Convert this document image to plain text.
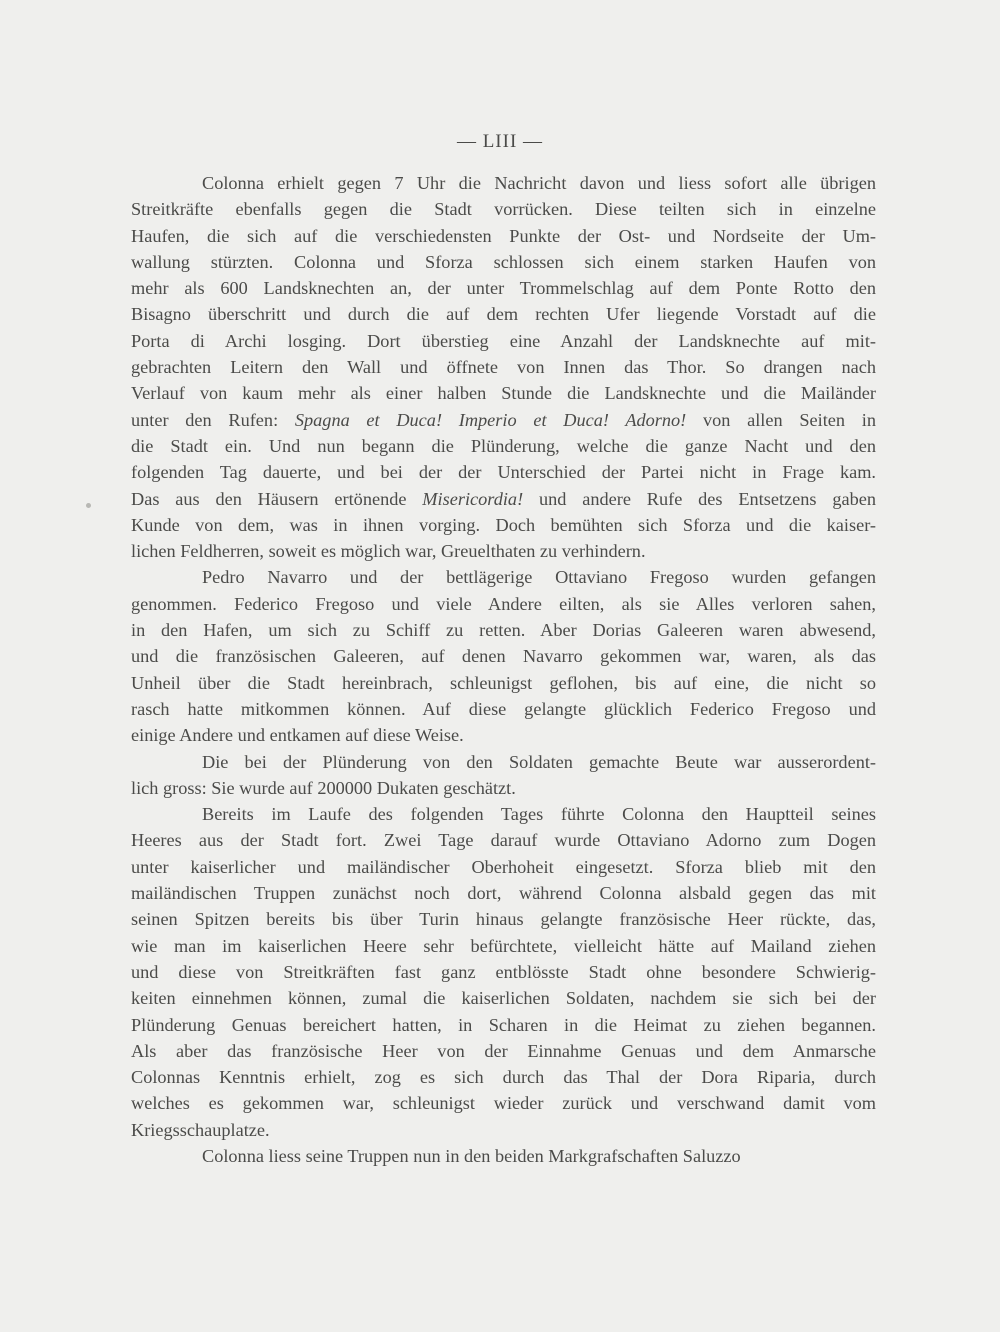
— LIII —
Colonna erhielt gegen 7 Uhr die Nachricht davon und liess sofort alle übrigen
Streitkräfte ebenfalls gegen die Stadt vorrücken. Diese teilten sich in einzelne
Haufen, die sich auf die verschiedensten Punkte der Ost- und Nordseite der Um-
wallung stürzten. Colonna und Sforza schlossen sich einem starken Haufen von
mehr als 600 Landsknechten an, der unter Trommelschlag auf dem Ponte Rotto den
Bisagno überschritt und durch die auf dem rechten Ufer liegende Vorstadt auf die
Porta di Archi losging. Dort überstieg eine Anzahl der Landsknechte auf mit-
gebrachten Leitern den Wall und öffnete von Innen das Thor. So drangen nach
Verlauf von kaum mehr als einer halben Stunde die Landsknechte und die Mailänder
unter den Rufen: Spagna et Duca! Imperio et Duca! Adorno! von allen Seiten in
die Stadt ein. Und nun begann die Plünderung, welche die ganze Nacht und den
folgenden Tag dauerte, und bei der der Unterschied der Partei nicht in Frage kam.
Das aus den Häusern ertönende Misericordia! und andere Rufe des Entsetzens gaben
Kunde von dem, was in ihnen vorging. Doch bemühten sich Sforza und die kaiser-
lichen Feldherren, soweit es möglich war, Greuelthaten zu verhindern.
Pedro Navarro und der bettlägerige Ottaviano Fregoso wurden gefangen
genommen. Federico Fregoso und viele Andere eilten, als sie Alles verloren sahen,
in den Hafen, um sich zu Schiff zu retten. Aber Dorias Galeeren waren abwesend,
und die französischen Galeeren, auf denen Navarro gekommen war, waren, als das
Unheil über die Stadt hereinbrach, schleunigst geflohen, bis auf eine, die nicht so
rasch hatte mitkommen können. Auf diese gelangte glücklich Federico Fregoso und
einige Andere und entkamen auf diese Weise.
Die bei der Plünderung von den Soldaten gemachte Beute war ausserordent-
lich gross: Sie wurde auf 200000 Dukaten geschätzt.
Bereits im Laufe des folgenden Tages führte Colonna den Hauptteil seines
Heeres aus der Stadt fort. Zwei Tage darauf wurde Ottaviano Adorno zum Dogen
unter kaiserlicher und mailändischer Oberhoheit eingesetzt. Sforza blieb mit den
mailändischen Truppen zunächst noch dort, während Colonna alsbald gegen das mit
seinen Spitzen bereits bis über Turin hinaus gelangte französische Heer rückte, das,
wie man im kaiserlichen Heere sehr befürchtete, vielleicht hätte auf Mailand ziehen
und diese von Streitkräften fast ganz entblösste Stadt ohne besondere Schwierig-
keiten einnehmen können, zumal die kaiserlichen Soldaten, nachdem sie sich bei der
Plünderung Genuas bereichert hatten, in Scharen in die Heimat zu ziehen begannen.
Als aber das französische Heer von der Einnahme Genuas und dem Anmarsche
Colonnas Kenntnis erhielt, zog es sich durch das Thal der Dora Riparia, durch
welches es gekommen war, schleunigst wieder zurück und verschwand damit vom
Kriegsschauplatze.
Colonna liess seine Truppen nun in den beiden Markgrafschaften Saluzzo
